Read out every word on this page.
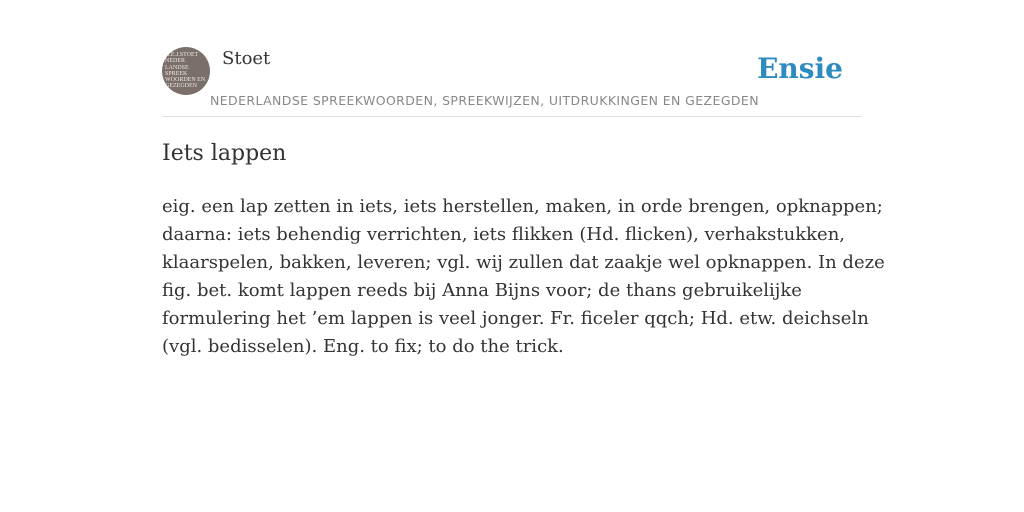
H.E.J.STOET
NEDER
LANDSE
SPREEK
WOORDEN EN
GEZEGDEN
Stoet
NEDERLANDSE SPREEKWOORDEN, SPREEKWIJZEN, UITDRUKKINGEN EN GEZEGDEN
Ensie
Iets lappen

eig. een lap zetten in iets, iets herstellen, maken, in orde brengen, opknappen;
daarna: iets behendig verrichten, iets flikken (Hd. flicken), verhakstukken,
klaarspelen, bakken, leveren; vgl. wij zullen dat zaakje wel opknappen. In deze
fig. bet. komt lappen reeds bij Anna Bijns voor; de thans gebruikelijke
formulering het ’em lappen is veel jonger. Fr. ficeler qqch; Hd. etw. deichseln
(vgl. bedisselen). Eng. to fix; to do the trick.
